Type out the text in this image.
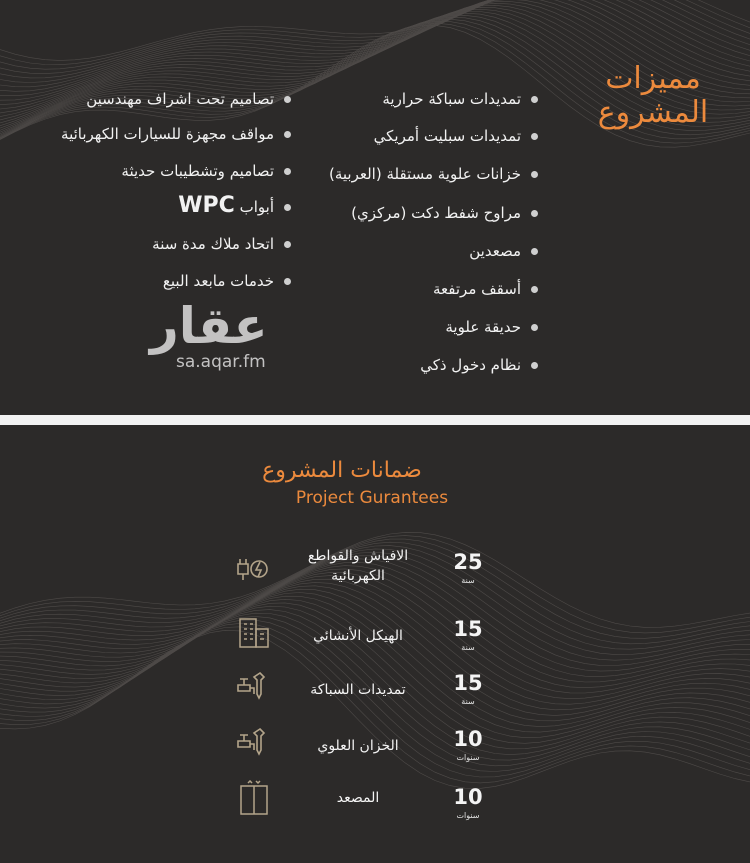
مميزات
المشروع
تمديدات سباكة حرارية
تمديدات سبليت أمريكي
خزانات علوية مستقلة (العربية)
مراوح شفط دكت (مركزي)
مصعدين
أسقف مرتفعة
حديقة علوية
نظام دخول ذكي
تصاميم تحت اشراف مهندسين
مواقف مجهزة للسيارات الكهربائية
تصاميم وتشطيبات حديثة
أبواب WPC
اتحاد ملاك مدة سنة
خدمات مابعد البيع
عقار
sa.aqar.fm
ضمانات المشروع
Project Gurantees
25
سنة
الافياش والقواطع
الكهربائية
15
سنة
الهيكل الأنشائي
15
سنة
تمديدات السباكة
10
سنوات
الخزان العلوي
10
سنوات
المصعد
